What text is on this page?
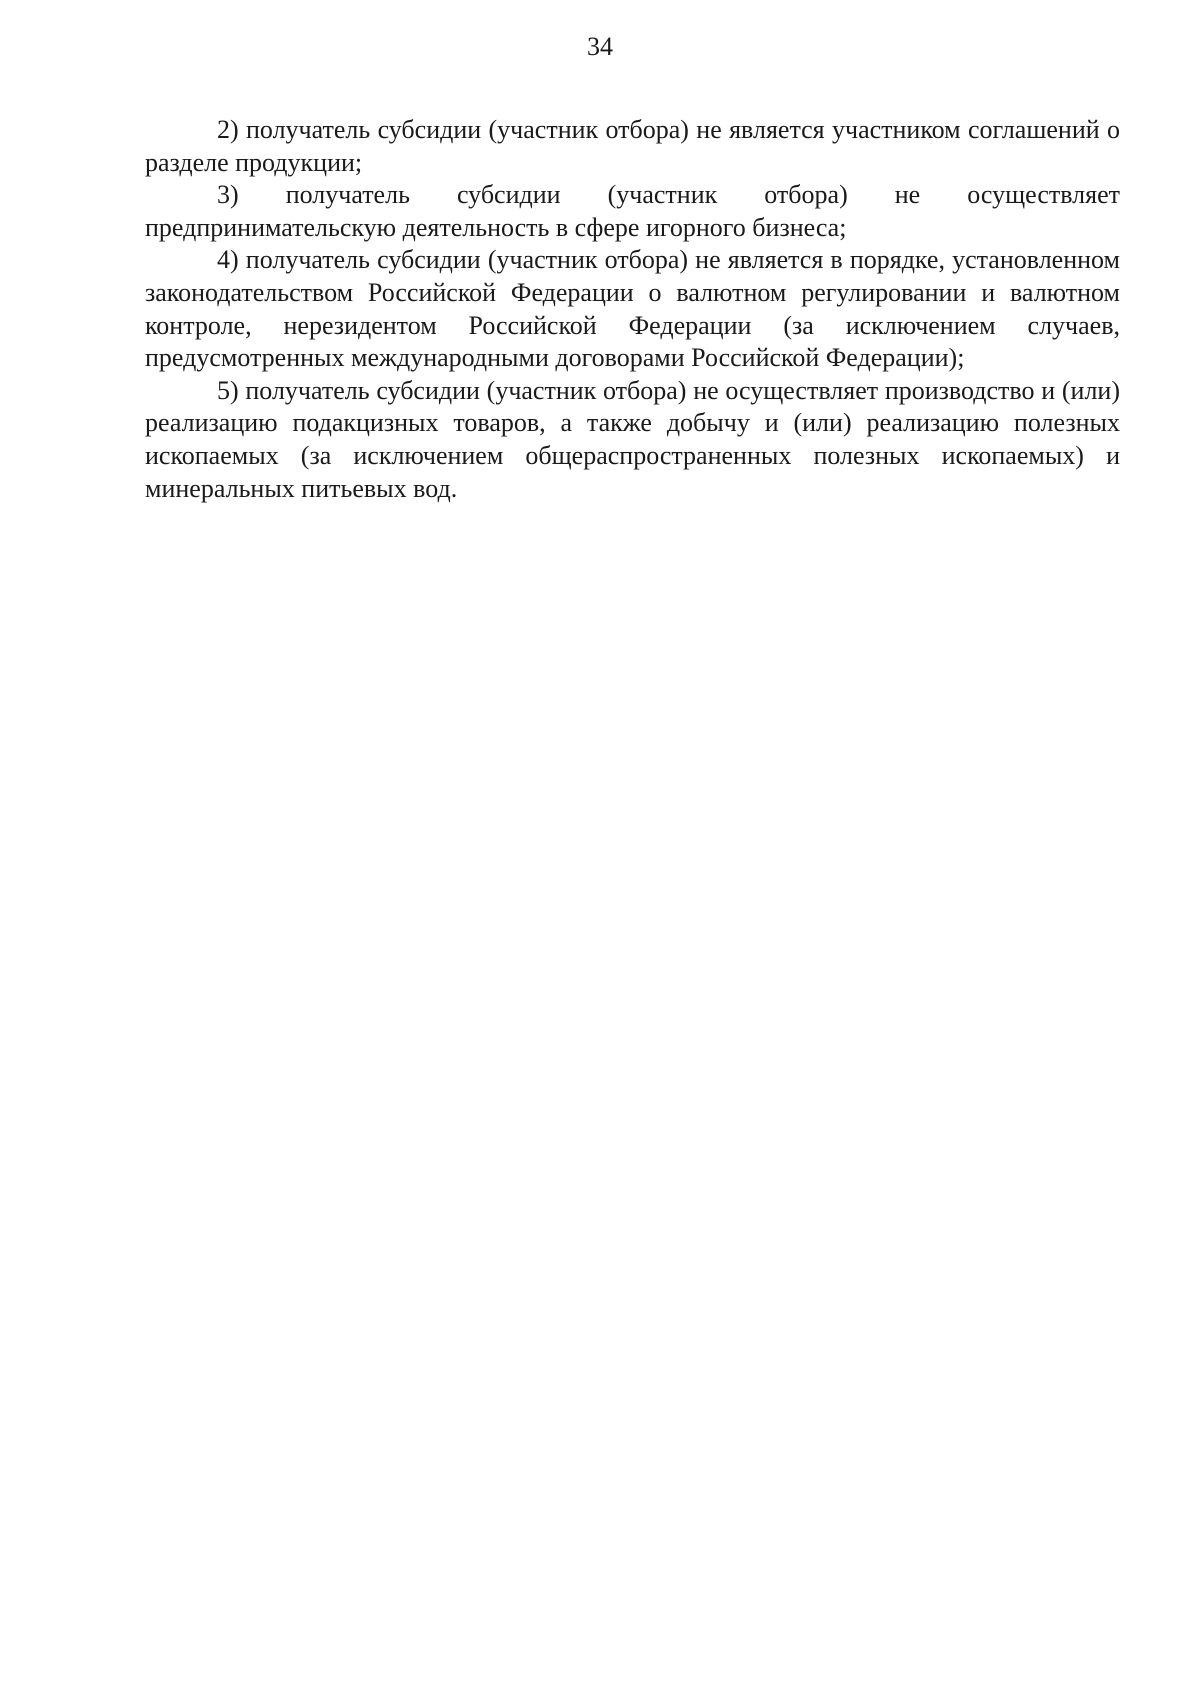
34

2) получатель субсидии (участник отбора) не является участником соглашений о разделе продукции;

3) получатель субсидии (участник отбора) не осуществляет предпринимательскую деятельность в сфере игорного бизнеса;

4) получатель субсидии (участник отбора) не является в порядке, установленном законодательством Российской Федерации о валютном регулировании и валютном контроле, нерезидентом Российской Федерации (за исключением случаев, предусмотренных международными договорами Российской Федерации);

5) получатель субсидии (участник отбора) не осуществляет производство и (или) реализацию подакцизных товаров, а также добычу и (или) реализацию полезных ископаемых (за исключением общераспространенных полезных ископаемых) и минеральных питьевых вод.
